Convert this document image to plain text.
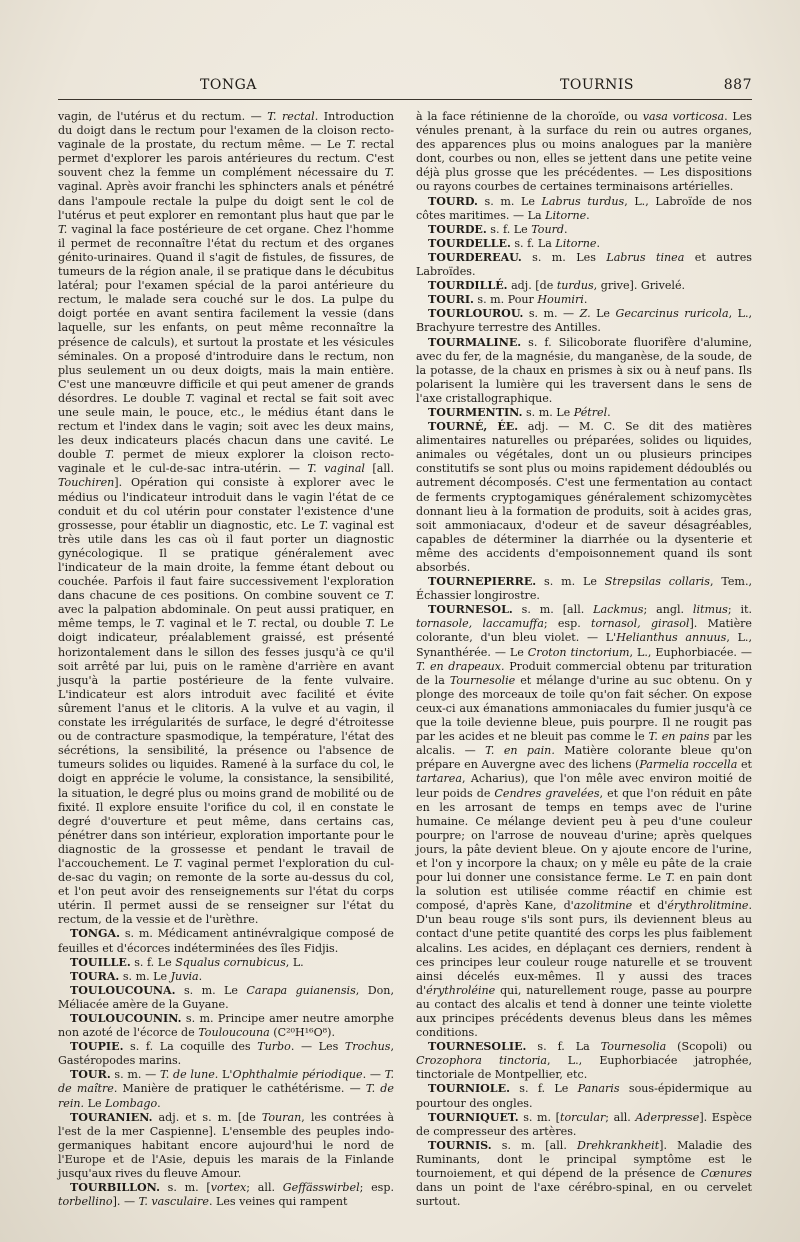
TONGA	TOURNIS	887

vagin, de l'utérus et du rectum. — T. rectal. Introduction du doigt dans le rectum pour l'examen de la cloison recto-vaginale de la prostate, du rectum même. — Le T. rectal permet d'explorer les parois antérieures du rectum. C'est souvent chez la femme un complément nécessaire du T. vaginal. Après avoir franchi les sphincters anals et pénétré dans l'ampoule rectale la pulpe du doigt sent le col de l'utérus et peut explorer en remontant plus haut que par le T. vaginal la face postérieure de cet organe. Chez l'homme il permet de reconnaître l'état du rectum et des organes génito-urinaires. Quand il s'agit de fistules, de fissures, de tumeurs de la région anale, il se pratique dans le décubitus latéral; pour l'examen spécial de la paroi antérieure du rectum, le malade sera couché sur le dos. La pulpe du doigt portée en avant sentira facilement la vessie (dans laquelle, sur les enfants, on peut même reconnaître la présence de calculs), et surtout la prostate et les vésicules séminales. On a proposé d'introduire dans le rectum, non plus seulement un ou deux doigts, mais la main entière. C'est une manœuvre difficile et qui peut amener de grands désordres. Le double T. vaginal et rectal se fait soit avec une seule main, le pouce, etc., le médius étant dans le rectum et l'index dans le vagin; soit avec les deux mains, les deux indicateurs placés chacun dans une cavité. Le double T. permet de mieux explorer la cloison recto-vaginale et le cul-de-sac intra-utérin. — T. vaginal [all. Touchiren]. Opération qui consiste à explorer avec le médius ou l'indicateur introduit dans le vagin l'état de ce conduit et du col utérin pour constater l'existence d'une grossesse, pour établir un diagnostic, etc. Le T. vaginal est très utile dans les cas où il faut porter un diagnostic gynécologique. Il se pratique généralement avec l'indicateur de la main droite, la femme étant debout ou couchée. Parfois il faut faire successivement l'exploration dans chacune de ces positions. On combine souvent ce T. avec la palpation abdominale. On peut aussi pratiquer, en même temps, le T. vaginal et le T. rectal, ou double T. Le doigt indicateur, préalablement graissé, est présenté horizontalement dans le sillon des fesses jusqu'à ce qu'il soit arrêté par lui, puis on le ramène d'arrière en avant jusqu'à la partie postérieure de la fente vulvaire. L'indicateur est alors introduit avec facilité et évite sûrement l'anus et le clitoris. A la vulve et au vagin, il constate les irrégularités de surface, le degré d'étroitesse ou de contracture spasmodique, la température, l'état des sécrétions, la sensibilité, la présence ou l'absence de tumeurs solides ou liquides. Ramené à la surface du col, le doigt en apprécie le volume, la consistance, la sensibilité, la situation, le degré plus ou moins grand de mobilité ou de fixité. Il explore ensuite l'orifice du col, il en constate le degré d'ouverture et peut même, dans certains cas, pénétrer dans son intérieur, exploration importante pour le diagnostic de la grossesse et pendant le travail de l'accouchement. Le T. vaginal permet l'exploration du cul-de-sac du vagin; on remonte de la sorte au-dessus du col, et l'on peut avoir des renseignements sur l'état du corps utérin. Il permet aussi de se renseigner sur l'état du rectum, de la vessie et de l'urèthre.

TONGA. s. m. Médicament antinévralgique composé de feuilles et d'écorces indéterminées des îles Fidjis.

TOUILLE. s. f. Le Squalus cornubicus, L.

TOURA. s. m. Le Juvia.

TOULOUCOUNA. s. m. Le Carapa guianensis, Don, Méliacée amère de la Guyane.

TOULOUCOUNIN. s. m. Principe amer neutre amorphe non azoté de l'écorce de Touloucouna (C²⁰H¹⁶O⁸).

TOUPIE. s. f. La coquille des Turbo. — Les Trochus, Gastéropodes marins.

TOUR. s. m. — T. de lune. L'Ophthalmie périodique. — T. de maître. Manière de pratiquer le cathétérisme. — T. de rein. Le Lombago.

TOURANIEN. adj. et s. m. [de Touran, les contrées à l'est de la mer Caspienne]. L'ensemble des peuples indo-germaniques habitant encore aujourd'hui le nord de l'Europe et de l'Asie, depuis les marais de la Finlande jusqu'aux rives du fleuve Amour.

TOURBILLON. s. m. [vortex; all. Geffässwirbel; esp. torbellino]. — T. vasculaire. Les veines qui rampent

à la face rétinienne de la choroïde, ou vasa vorticosa. Les vénules prenant, à la surface du rein ou autres organes, des apparences plus ou moins analogues par la manière dont, courbes ou non, elles se jettent dans une petite veine déjà plus grosse que les précédentes. — Les dispositions ou rayons courbes de certaines terminaisons artérielles.

TOURD. s. m. Le Labrus turdus, L., Labroïde de nos côtes maritimes. — La Litorne.

TOURDE. s. f. Le Tourd.

TOURDELLE. s. f. La Litorne.

TOURDEREAU. s. m. Les Labrus tinea et autres Labroïdes.

TOURDILLÉ. adj. [de turdus, grive]. Grivelé.

TOURI. s. m. Pour Houmiri.

TOURLOUROU. s. m. — Z. Le Gecarcinus ruricola, L., Brachyure terrestre des Antilles.

TOURMALINE. s. f. Silicoborate fluorifère d'alumine, avec du fer, de la magnésie, du manganèse, de la soude, de la potasse, de la chaux en prismes à six ou à neuf pans. Ils polarisent la lumière qui les traversent dans le sens de l'axe cristallographique.

TOURMENTIN. s. m. Le Pétrel.

TOURNÉ, ÉE. adj. — M. C. Se dit des matières alimentaires naturelles ou préparées, solides ou liquides, animales ou végétales, dont un ou plusieurs principes constitutifs se sont plus ou moins rapidement dédoublés ou autrement décomposés. C'est une fermentation au contact de ferments cryptogamiques généralement schizomycètes donnant lieu à la formation de produits, soit à acides gras, soit ammoniacaux, d'odeur et de saveur désagréables, capables de déterminer la diarrhée ou la dysenterie et même des accidents d'empoisonnement quand ils sont absorbés.

TOURNEPIERRE. s. m. Le Strepsilas collaris, Tem., Échassier longirostre.

TOURNESOL. s. m. [all. Lackmus; angl. litmus; it. tornasole, laccamuffa; esp. tornasol, girasol]. Matière colorante, d'un bleu violet. — L'Helianthus annuus, L., Synanthérée. — Le Croton tinctorium, L., Euphorbiacée. — T. en drapeaux. Produit commercial obtenu par trituration de la Tournesolie et mélange d'urine au suc obtenu. On y plonge des morceaux de toile qu'on fait sécher. On expose ceux-ci aux émanations ammoniacales du fumier jusqu'à ce que la toile devienne bleue, puis pourpre. Il ne rougit pas par les acides et ne bleuit pas comme le T. en pains par les alcalis. — T. en pain. Matière colorante bleue qu'on prépare en Auvergne avec des lichens (Parmelia roccella et tartarea, Acharius), que l'on mêle avec environ moitié de leur poids de Cendres gravelées, et que l'on réduit en pâte en les arrosant de temps en temps avec de l'urine humaine. Ce mélange devient peu à peu d'une couleur pourpre; on l'arrose de nouveau d'urine; après quelques jours, la pâte devient bleue. On y ajoute encore de l'urine, et l'on y incorpore la chaux; on y mêle eu pâte de la craie pour lui donner une consistance ferme. Le T. en pain dont la solution est utilisée comme réactif en chimie est composé, d'après Kane, d'azolitmine et d'érythrolitmine. D'un beau rouge s'ils sont purs, ils deviennent bleus au contact d'une petite quantité des corps les plus faiblement alcalins. Les acides, en déplaçant ces derniers, rendent à ces principes leur couleur rouge naturelle et se trouvent ainsi décelés eux-mêmes. Il y aussi des traces d'érythroléine qui, naturellement rouge, passe au pourpre au contact des alcalis et tend à donner une teinte violette aux principes précédents devenus bleus dans les mêmes conditions.

TOURNESOLIE. s. f. La Tournesolia (Scopoli) ou Crozophora tinctoria, L., Euphorbiacée jatrophée, tinctoriale de Montpellier, etc.

TOURNIOLE. s. f. Le Panaris sous-épidermique au pourtour des ongles.

TOURNIQUET. s. m. [torcular; all. Aderpresse]. Espèce de compresseur des artères.

TOURNIS. s. m. [all. Drehkrankheit]. Maladie des Ruminants, dont le principal symptôme est le tournoiement, et qui dépend de la présence de Cœnures dans un point de l'axe cérébro-spinal, en ou cervelet surtout.
